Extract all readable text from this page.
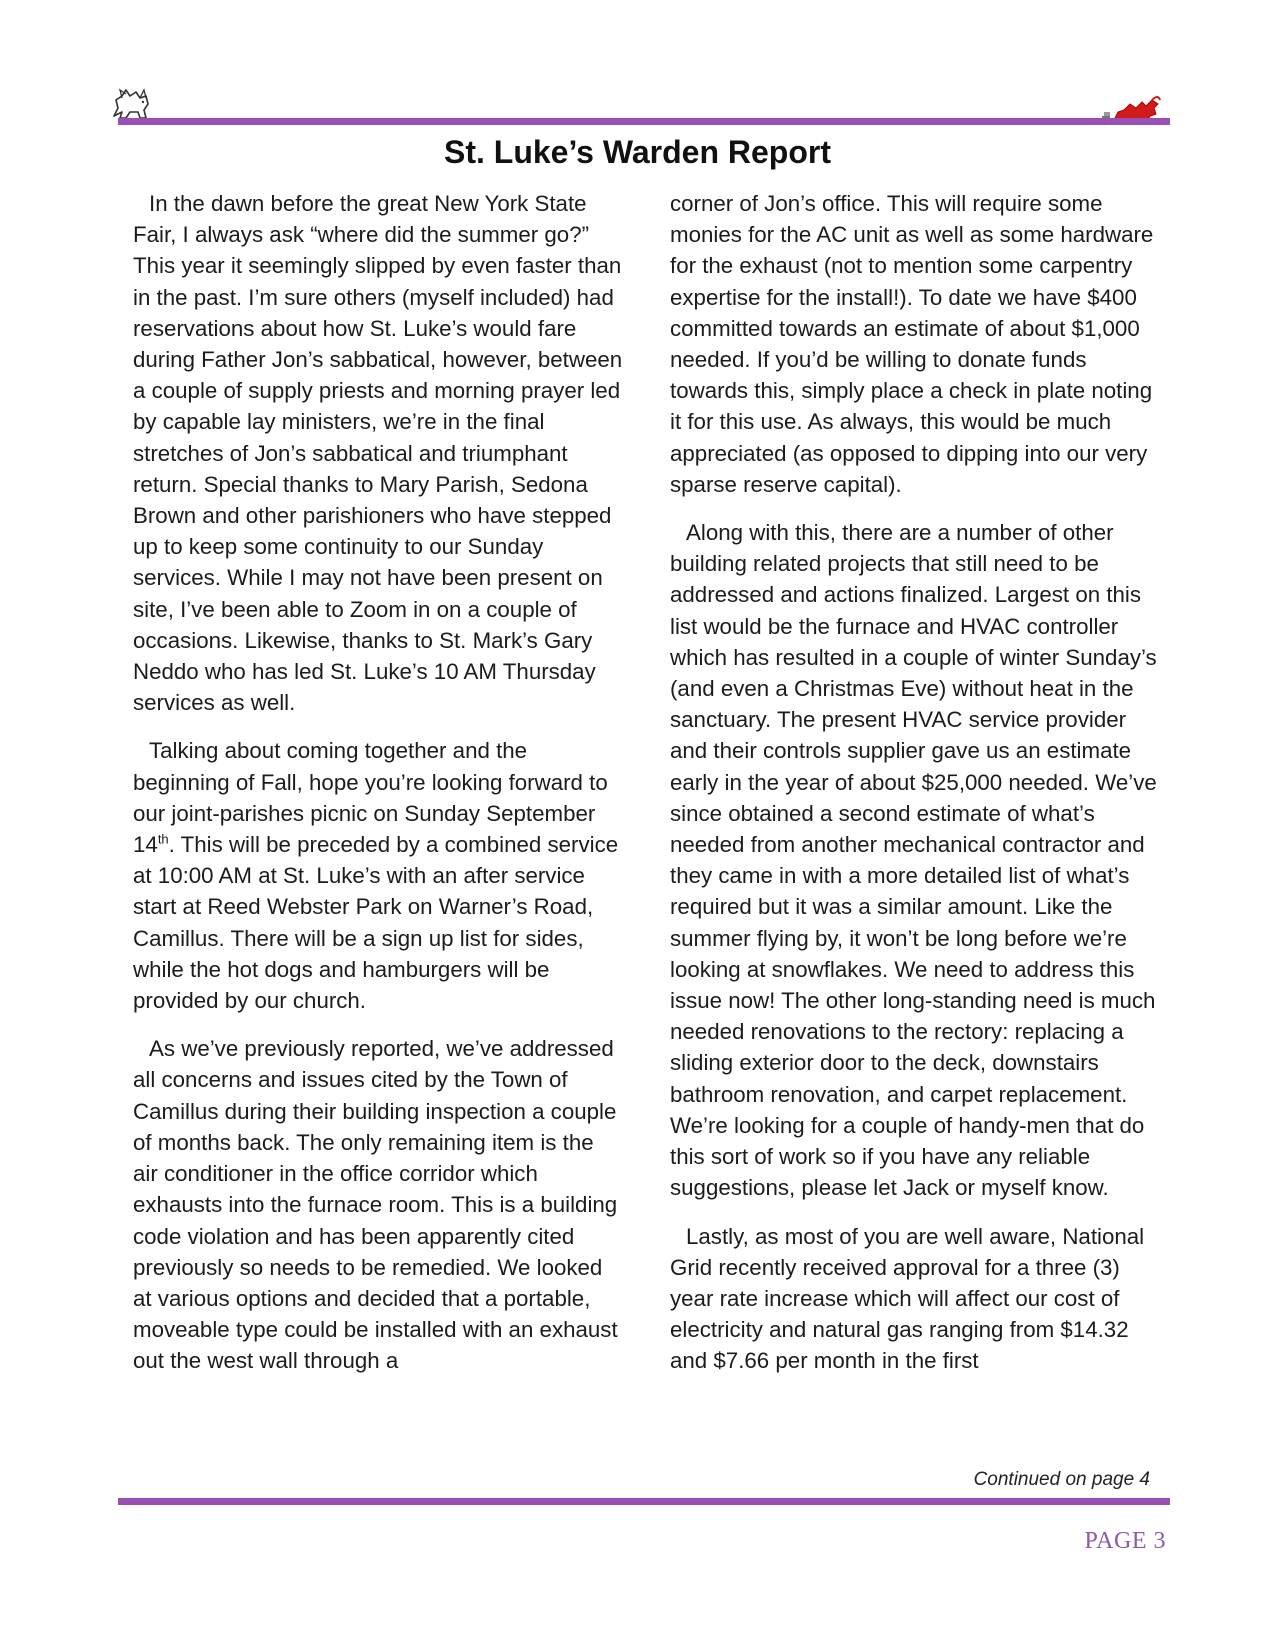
St. Luke’s Warden Report

In the dawn before the great New York State Fair, I always ask “where did the summer go?” This year it seemingly slipped by even faster than in the past. I’m sure others (myself included) had reservations about how St. Luke’s would fare during Father Jon’s sabbatical, however, between a couple of supply priests and morning prayer led by capable lay ministers, we’re in the final stretches of Jon’s sabbatical and triumphant return. Special thanks to Mary Parish, Sedona Brown and other parishioners who have stepped up to keep some continuity to our Sunday services. While I may not have been present on site, I’ve been able to Zoom in on a couple of occasions. Likewise, thanks to St. Mark’s Gary Neddo who has led St. Luke’s 10 AM Thursday services as well.

Talking about coming together and the beginning of Fall, hope you’re looking forward to our joint-parishes picnic on Sunday September 14th. This will be preceded by a combined service at 10:00 AM at St. Luke’s with an after service start at Reed Webster Park on Warner’s Road, Camillus. There will be a sign up list for sides, while the hot dogs and hamburgers will be provided by our church.

As we’ve previously reported, we’ve addressed all concerns and issues cited by the Town of Camillus during their building inspection a couple of months back. The only remaining item is the air conditioner in the office corridor which exhausts into the furnace room. This is a building code violation and has been apparently cited previously so needs to be remedied. We looked at various options and decided that a portable, moveable type could be installed with an exhaust out the west wall through a

corner of Jon’s office. This will require some monies for the AC unit as well as some hardware for the exhaust (not to mention some carpentry expertise for the install!). To date we have $400 committed towards an estimate of about $1,000 needed. If you’d be willing to donate funds towards this, simply place a check in plate noting it for this use. As always, this would be much appreciated (as opposed to dipping into our very sparse reserve capital).

Along with this, there are a number of other building related projects that still need to be addressed and actions finalized. Largest on this list would be the furnace and HVAC controller which has resulted in a couple of winter Sunday’s (and even a Christmas Eve) without heat in the sanctuary. The present HVAC service provider and their controls supplier gave us an estimate early in the year of about $25,000 needed. We’ve since obtained a second estimate of what’s needed from another mechanical contractor and they came in with a more detailed list of what’s required but it was a similar amount. Like the summer flying by, it won’t be long before we’re looking at snowflakes. We need to address this issue now! The other long-standing need is much needed renovations to the rectory: replacing a sliding exterior door to the deck, downstairs bathroom renovation, and carpet replacement. We’re looking for a couple of handy-men that do this sort of work so if you have any reliable suggestions, please let Jack or myself know.

Lastly, as most of you are well aware, National Grid recently received approval for a three (3) year rate increase which will affect our cost of electricity and natural gas ranging from $14.32 and $7.66 per month in the first

Continued on page 4
PAGE 3
